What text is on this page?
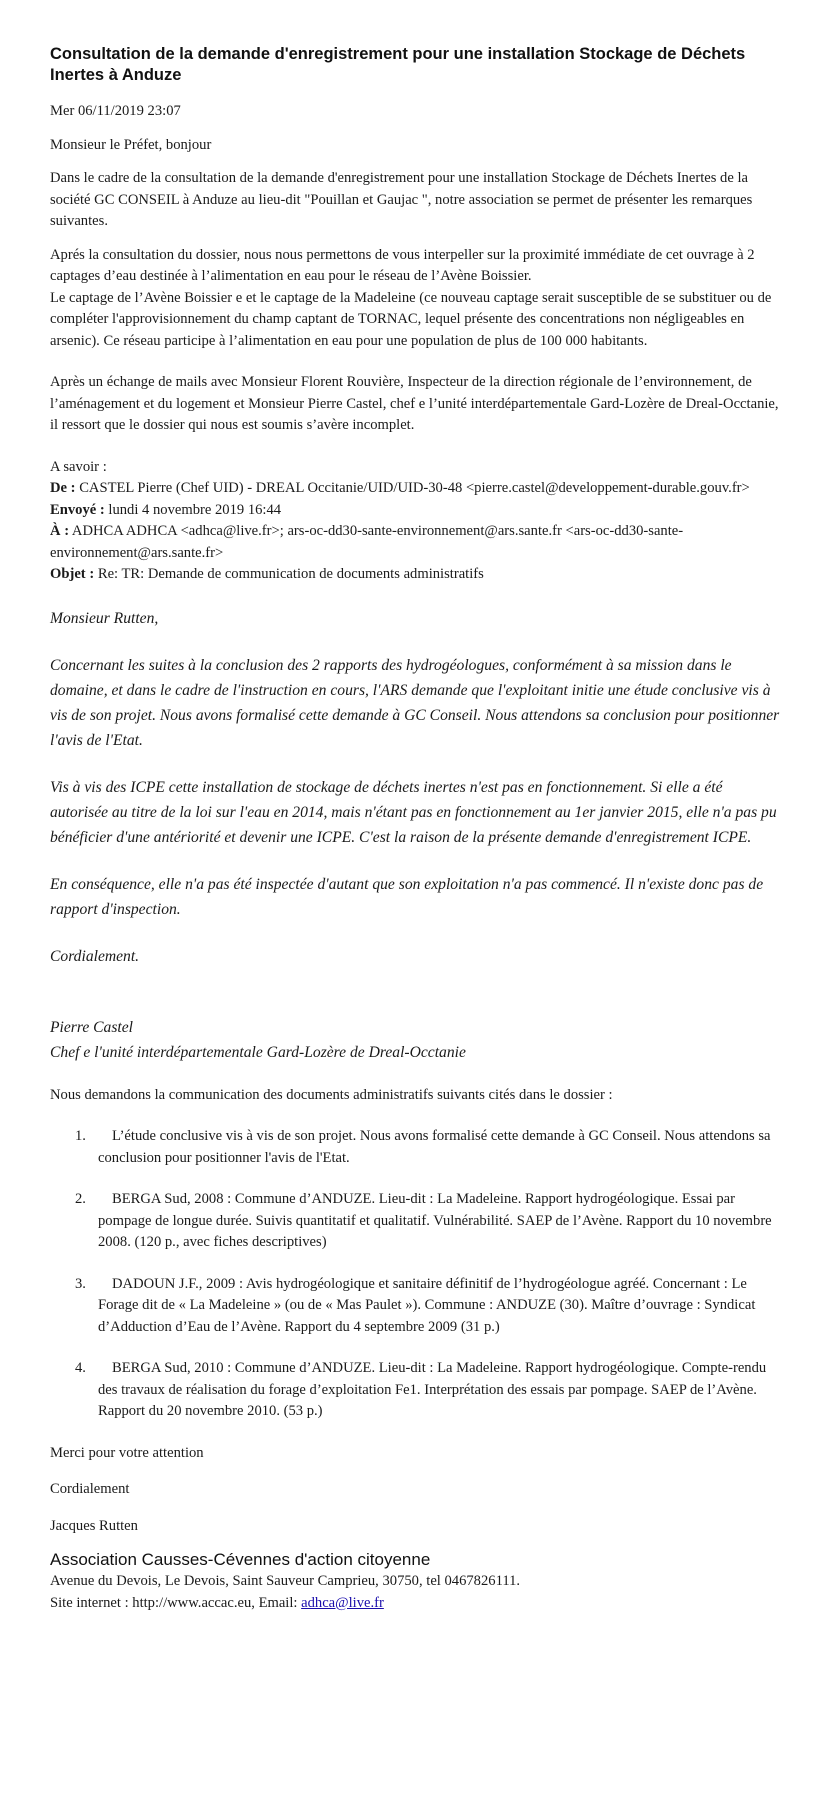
Consultation de la demande d'enregistrement pour une installation Stockage de Déchets Inertes à Anduze

Mer 06/11/2019 23:07

Monsieur le Préfet, bonjour

Dans le cadre de la consultation de la demande d'enregistrement pour une installation Stockage de Déchets Inertes de la société GC CONSEIL à Anduze au lieu-dit "Pouillan et Gaujac ", notre association se permet de présenter les remarques suivantes.

Aprés la consultation du dossier, nous nous permettons de vous interpeller sur la proximité immédiate de cet ouvrage à 2 captages d’eau destinée à l’alimentation en eau pour le réseau de l’Avène Boissier.

Le captage de l’Avène Boissier e et le captage de la Madeleine (ce nouveau captage serait susceptible de se substituer ou de compléter l'approvisionnement du champ captant de TORNAC, lequel présente des concentrations non négligeables en arsenic). Ce réseau participe à l’alimentation en eau pour une population de plus de 100 000 habitants.

Après un échange de mails avec Monsieur Florent Rouvière, Inspecteur de la direction régionale de l’environnement, de l’aménagement et du logement et Monsieur Pierre Castel, chef e l’unité interdépartementale Gard-Lozère de Dreal-Occtanie, il ressort que le dossier qui nous est soumis s’avère incomplet.

A savoir :

De : CASTEL Pierre (Chef UID) - DREAL Occitanie/UID/UID-30-48 <pierre.castel@developpement-durable.gouv.fr>

Envoyé : lundi 4 novembre 2019 16:44

À : ADHCA ADHCA <adhca@live.fr>; ars-oc-dd30-sante-environnement@ars.sante.fr <ars-oc-dd30-sante-environnement@ars.sante.fr>

Objet : Re: TR: Demande de communication de documents administratifs

Monsieur Rutten,

Concernant les suites à la conclusion des 2 rapports des hydrogéologues, conformément à sa mission dans le domaine, et dans le cadre de l'instruction en cours, l'ARS demande que l'exploitant initie une étude conclusive vis à vis de son projet. Nous avons formalisé cette demande à GC Conseil. Nous attendons sa conclusion pour positionner l'avis de l'Etat.

Vis à vis des ICPE cette installation de stockage de déchets inertes n'est pas en fonctionnement. Si elle a été autorisée au titre de la loi sur l'eau en 2014, mais n'étant pas en fonctionnement au 1er janvier 2015, elle n'a pas pu bénéficier d'une antériorité et devenir une ICPE. C'est la raison de la présente demande d'enregistrement ICPE.

En conséquence, elle n'a pas été inspectée d'autant que son exploitation n'a pas commencé. Il n'existe donc pas de rapport d'inspection.

Cordialement.

Pierre Castel

Chef e l'unité interdépartementale Gard-Lozère de Dreal-Occtanie

Nous demandons la communication des documents administratifs suivants cités dans le dossier :

1. L’étude conclusive vis à vis de son projet. Nous avons formalisé cette demande à GC Conseil. Nous attendons sa conclusion pour positionner l'avis de l'Etat.
2. BERGA Sud, 2008 : Commune d’ANDUZE. Lieu-dit : La Madeleine. Rapport hydrogéologique. Essai par pompage de longue durée. Suivis quantitatif et qualitatif. Vulnérabilité. SAEP de l’Avène. Rapport du 10 novembre 2008. (120 p., avec fiches descriptives)
3. DADOUN J.F., 2009 : Avis hydrogéologique et sanitaire définitif de l’hydrogéologue agréé. Concernant : Le Forage dit de « La Madeleine » (ou de « Mas Paulet »). Commune : ANDUZE (30). Maître d’ouvrage : Syndicat d’Adduction d’Eau de l’Avène. Rapport du 4 septembre 2009 (31 p.)
4. BERGA Sud, 2010 : Commune d’ANDUZE. Lieu-dit : La Madeleine. Rapport hydrogéologique. Compte-rendu des travaux de réalisation du forage d’exploitation Fe1. Interprétation des essais par pompage. SAEP de l’Avène. Rapport du 20 novembre 2010. (53 p.)

Merci pour votre attention

Cordialement

Jacques Rutten

Association Causses-Cévennes d'action citoyenne

Avenue du Devois, Le Devois, Saint Sauveur Camprieu, 30750, tel 0467826111.

Site internet : http://www.accac.eu, Email: adhca@live.fr
